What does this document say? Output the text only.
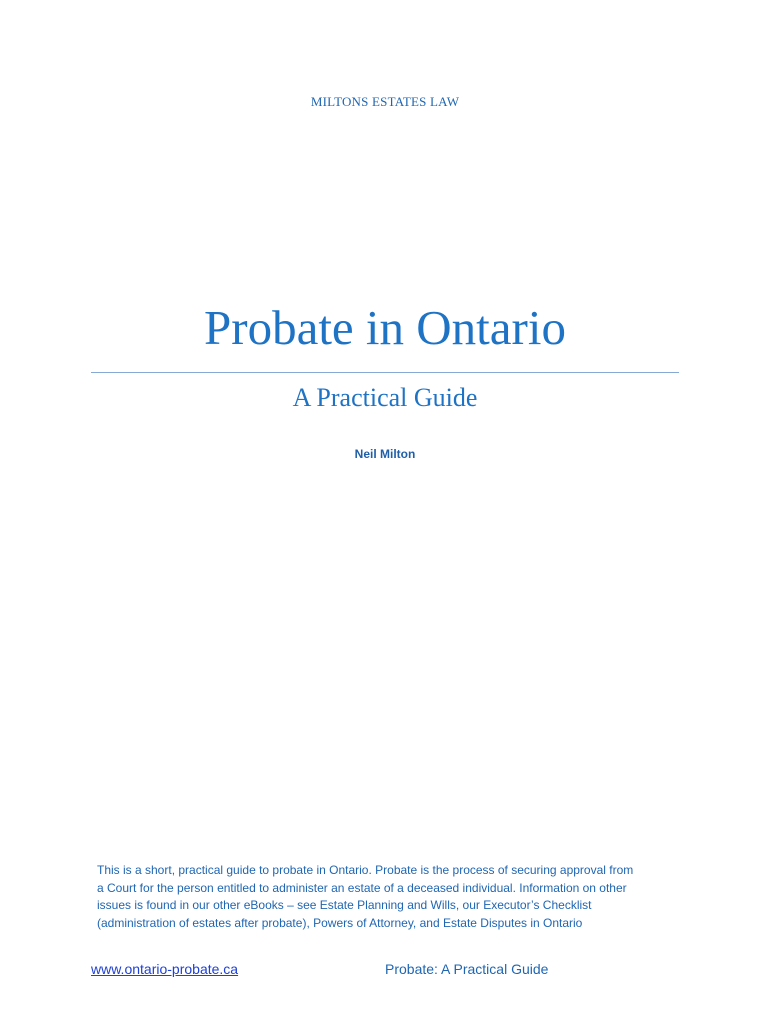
MILTONS ESTATES LAW
Probate in Ontario
A Practical Guide
Neil Milton
This is a short, practical guide to probate in Ontario. Probate is the process of securing approval from
a Court for the person entitled to administer an estate of a deceased individual. Information on other
issues is found in our other eBooks – see Estate Planning and Wills, our Executor’s Checklist
(administration of estates after probate), Powers of Attorney, and Estate Disputes in Ontario
www.ontario-probate.ca	Probate: A Practical Guide
